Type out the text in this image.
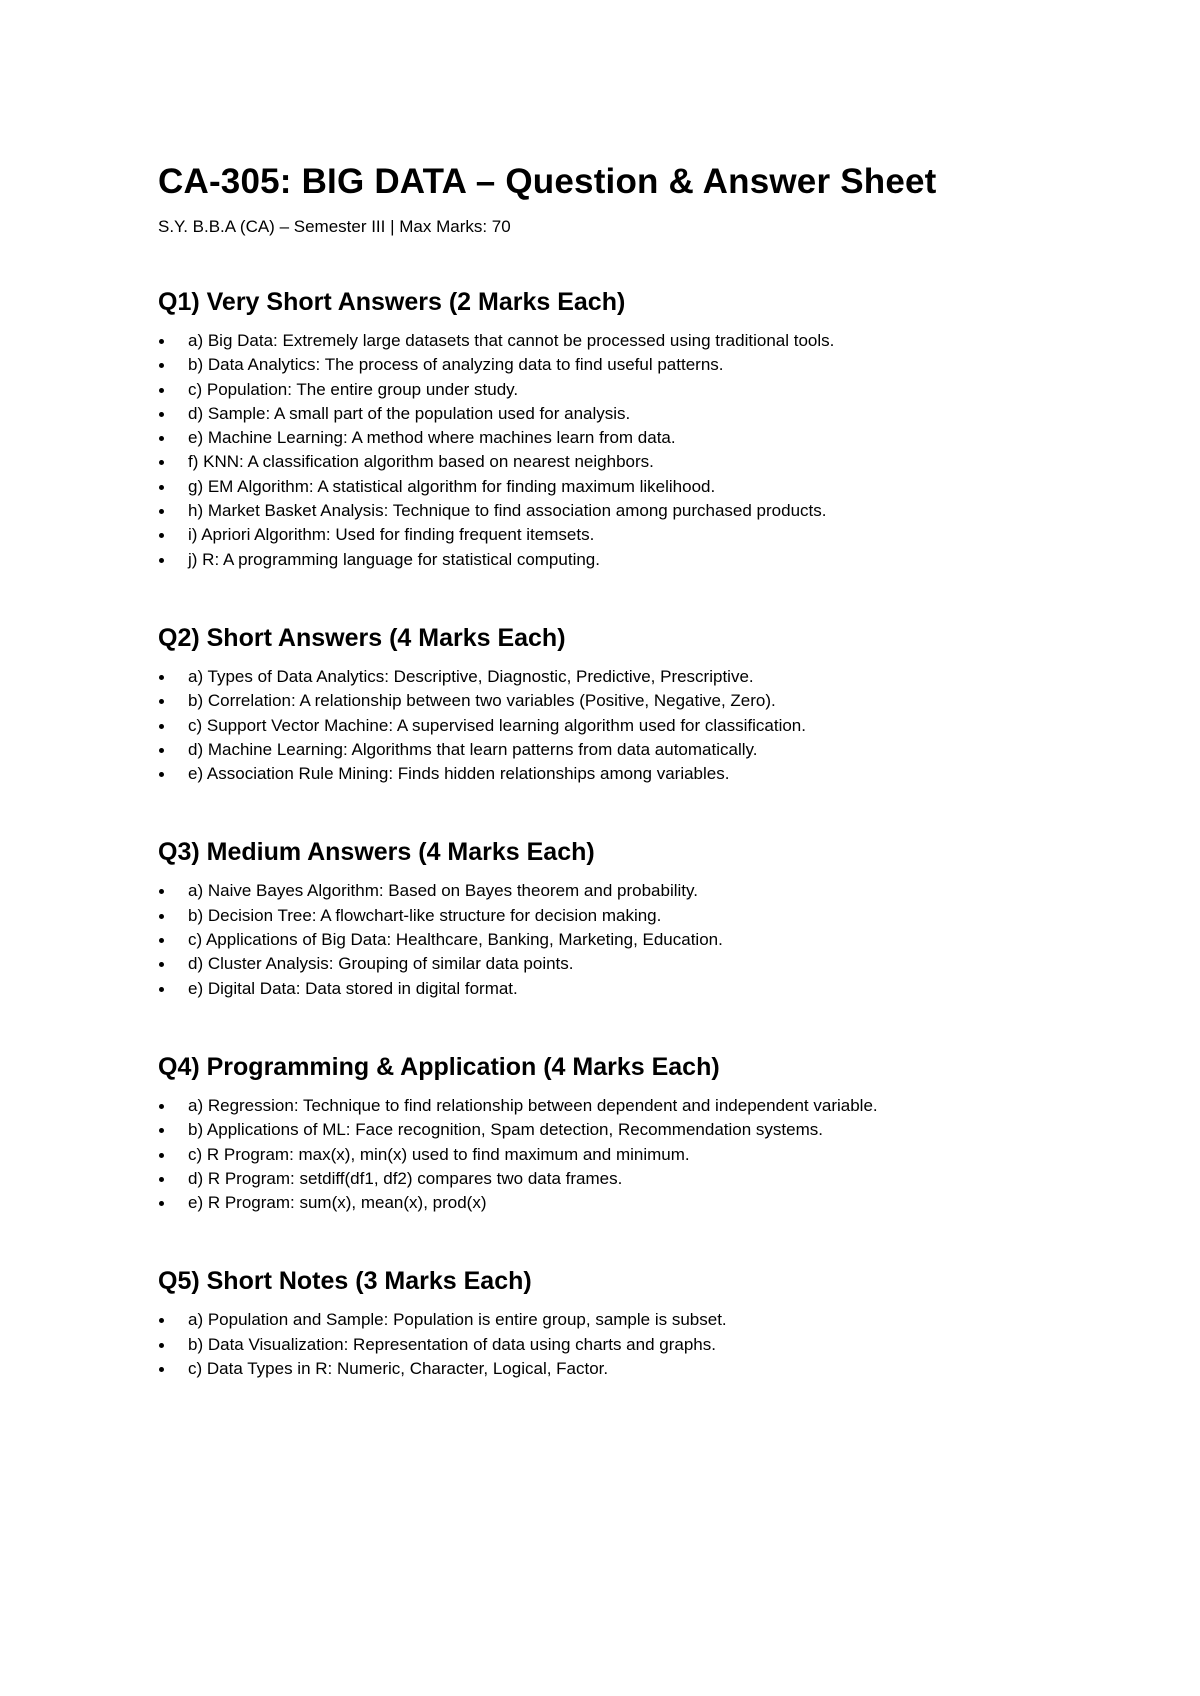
CA-305: BIG DATA – Question & Answer Sheet

S.Y. B.B.A (CA) – Semester III | Max Marks: 70

Q1) Very Short Answers (2 Marks Each)
a) Big Data: Extremely large datasets that cannot be processed using traditional tools.
b) Data Analytics: The process of analyzing data to find useful patterns.
c) Population: The entire group under study.
d) Sample: A small part of the population used for analysis.
e) Machine Learning: A method where machines learn from data.
f) KNN: A classification algorithm based on nearest neighbors.
g) EM Algorithm: A statistical algorithm for finding maximum likelihood.
h) Market Basket Analysis: Technique to find association among purchased products.
i) Apriori Algorithm: Used for finding frequent itemsets.
j) R: A programming language for statistical computing.
Q2) Short Answers (4 Marks Each)
a) Types of Data Analytics: Descriptive, Diagnostic, Predictive, Prescriptive.
b) Correlation: A relationship between two variables (Positive, Negative, Zero).
c) Support Vector Machine: A supervised learning algorithm used for classification.
d) Machine Learning: Algorithms that learn patterns from data automatically.
e) Association Rule Mining: Finds hidden relationships among variables.
Q3) Medium Answers (4 Marks Each)
a) Naive Bayes Algorithm: Based on Bayes theorem and probability.
b) Decision Tree: A flowchart-like structure for decision making.
c) Applications of Big Data: Healthcare, Banking, Marketing, Education.
d) Cluster Analysis: Grouping of similar data points.
e) Digital Data: Data stored in digital format.
Q4) Programming & Application (4 Marks Each)
a) Regression: Technique to find relationship between dependent and independent variable.
b) Applications of ML: Face recognition, Spam detection, Recommendation systems.
c) R Program: max(x), min(x) used to find maximum and minimum.
d) R Program: setdiff(df1, df2) compares two data frames.
e) R Program: sum(x), mean(x), prod(x)
Q5) Short Notes (3 Marks Each)
a) Population and Sample: Population is entire group, sample is subset.
b) Data Visualization: Representation of data using charts and graphs.
c) Data Types in R: Numeric, Character, Logical, Factor.
